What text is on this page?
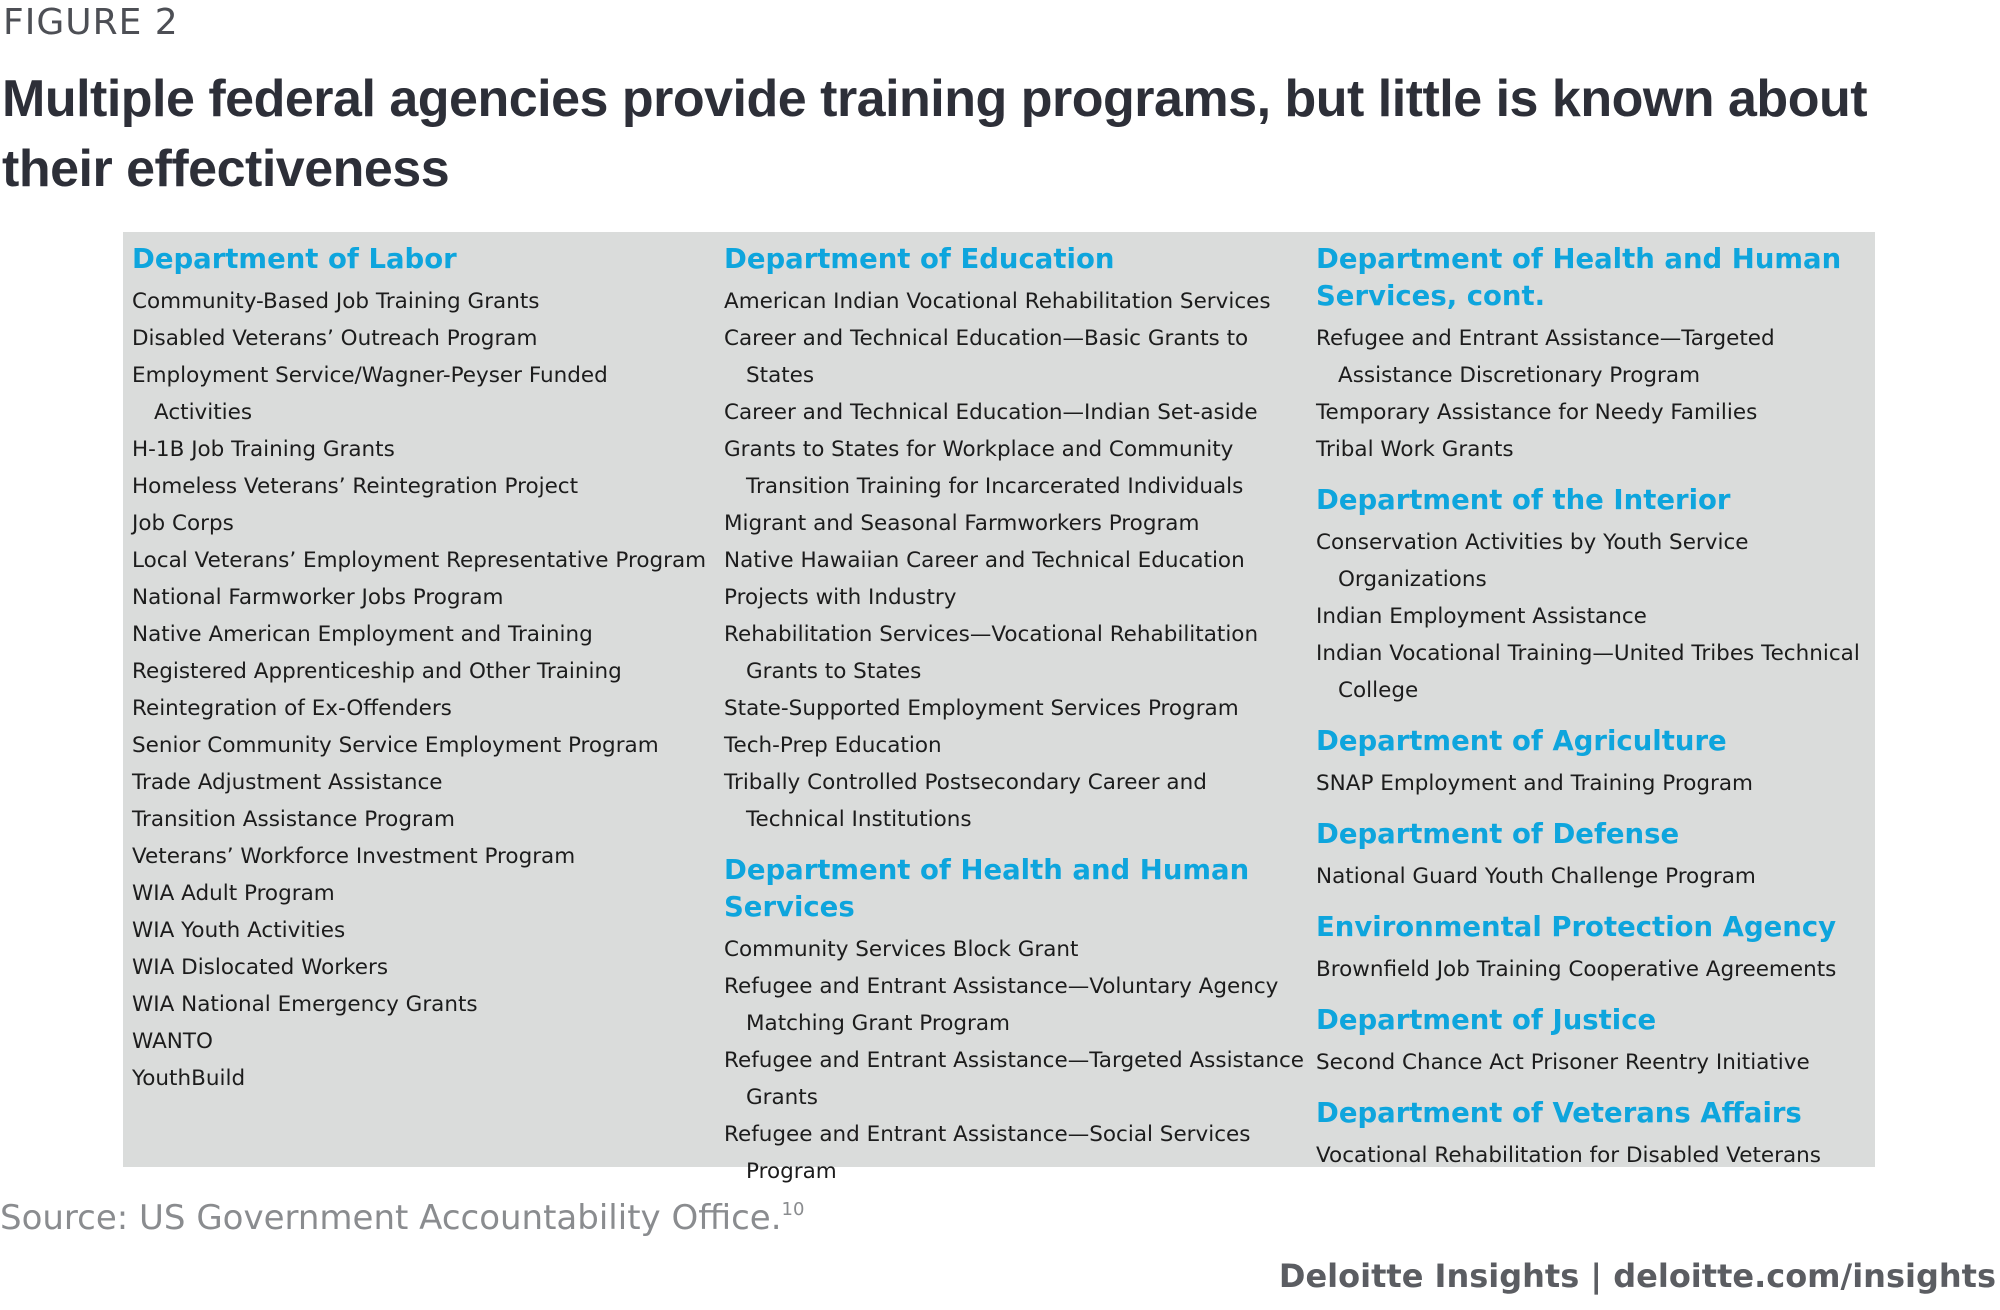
FIGURE 2
Multiple federal agencies provide training programs, but little is known about their effectiveness
Department of Labor
Community-Based Job Training Grants
Disabled Veterans’ Outreach Program
Employment Service/Wagner-Peyser Funded Activities
H-1B Job Training Grants
Homeless Veterans’ Reintegration Project
Job Corps
Local Veterans’ Employment Representative Program
National Farmworker Jobs Program
Native American Employment and Training
Registered Apprenticeship and Other Training
Reintegration of Ex-Offenders
Senior Community Service Employment Program
Trade Adjustment Assistance
Transition Assistance Program
Veterans’ Workforce Investment Program
WIA Adult Program
WIA Youth Activities
WIA Dislocated Workers
WIA National Emergency Grants
WANTO
YouthBuild
Department of Education
American Indian Vocational Rehabilitation Services
Career and Technical Education—Basic Grants to States
Career and Technical Education—Indian Set-aside
Grants to States for Workplace and Community Transition Training for Incarcerated Individuals
Migrant and Seasonal Farmworkers Program
Native Hawaiian Career and Technical Education
Projects with Industry
Rehabilitation Services—Vocational Rehabilitation Grants to States
State-Supported Employment Services Program
Tech-Prep Education
Tribally Controlled Postsecondary Career and Technical Institutions
Department of Health and Human Services
Community Services Block Grant
Refugee and Entrant Assistance—Voluntary Agency Matching Grant Program
Refugee and Entrant Assistance—Targeted Assistance Grants
Refugee and Entrant Assistance—Social Services Program
Department of Health and Human Services, cont.
Refugee and Entrant Assistance—Targeted Assistance Discretionary Program
Temporary Assistance for Needy Families
Tribal Work Grants
Department of the Interior
Conservation Activities by Youth Service Organizations
Indian Employment Assistance
Indian Vocational Training—United Tribes Technical College
Department of Agriculture
SNAP Employment and Training Program
Department of Defense
National Guard Youth Challenge Program
Environmental Protection Agency
Brownfield Job Training Cooperative Agreements
Department of Justice
Second Chance Act Prisoner Reentry Initiative
Department of Veterans Affairs
Vocational Rehabilitation for Disabled Veterans
Source: US Government Accountability Office.$^{10}$
Deloitte Insights | deloitte.com/insights
